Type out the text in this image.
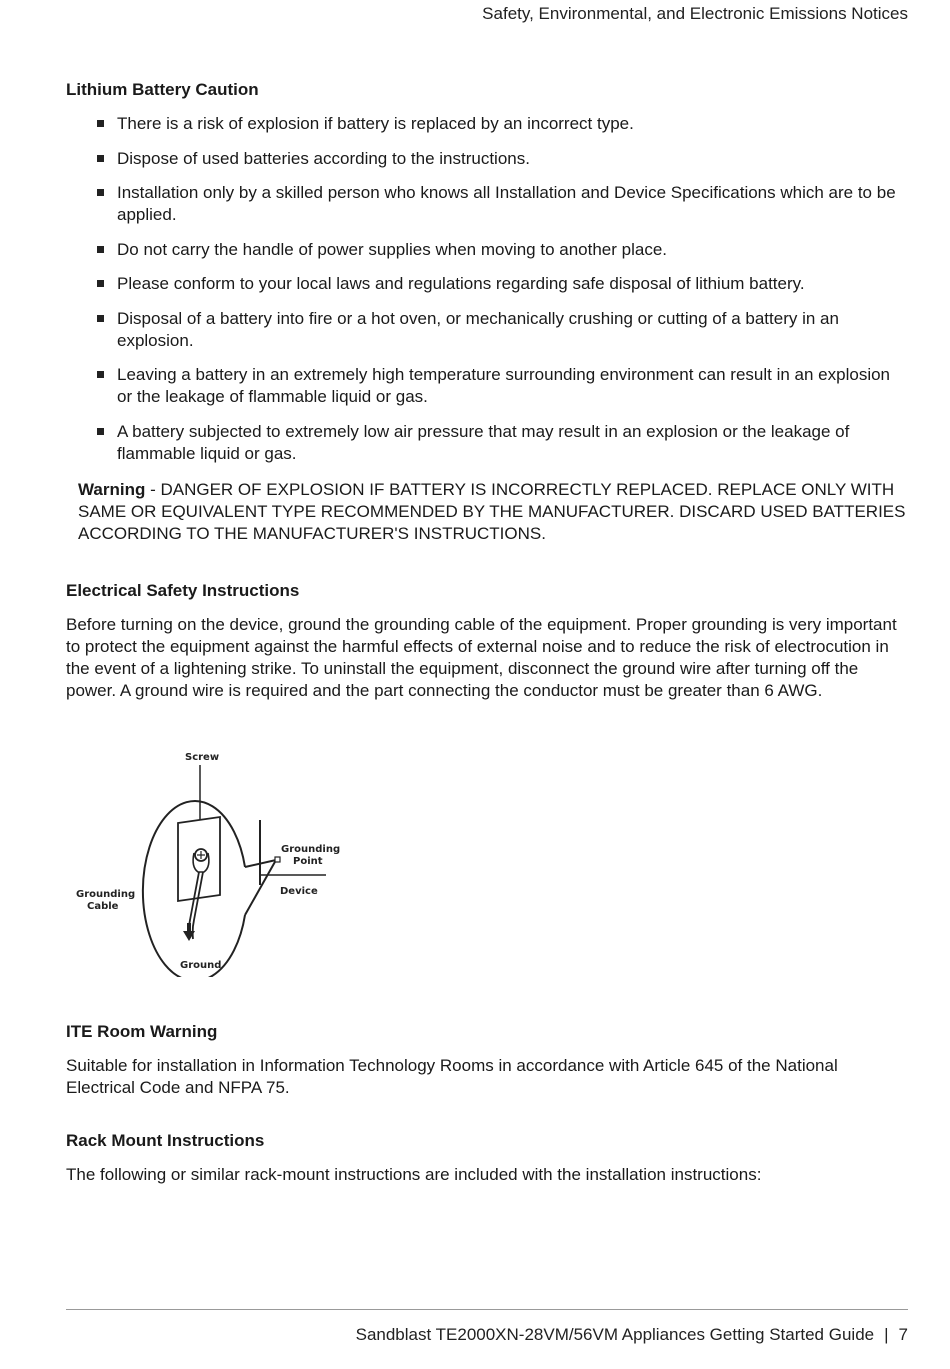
Safety, Environmental, and Electronic Emissions Notices
Lithium Battery Caution
There is a risk of explosion if battery is replaced by an incorrect type.
Dispose of used batteries according to the instructions.
Installation only by a skilled person who knows all Installation and Device Specifications which are to be applied.
Do not carry the handle of power supplies when moving to another place.
Please conform to your local laws and regulations regarding safe disposal of lithium battery.
Disposal of a battery into fire or a hot oven, or mechanically crushing or cutting of a battery in an explosion.
Leaving a battery in an extremely high temperature surrounding environment can result in an explosion or the leakage of flammable liquid or gas.
A battery subjected to extremely low air pressure that may result in an explosion or the leakage of flammable liquid or gas.
Warning - DANGER OF EXPLOSION IF BATTERY IS INCORRECTLY REPLACED. REPLACE ONLY WITH SAME OR EQUIVALENT TYPE RECOMMENDED BY THE MANUFACTURER. DISCARD USED BATTERIES ACCORDING TO THE MANUFACTURER'S INSTRUCTIONS.
Electrical Safety Instructions
Before turning on the device, ground the grounding cable of the equipment. Proper grounding is very important to protect the equipment against the harmful effects of external noise and to reduce the risk of electrocution in the event of a lightening strike. To uninstall the equipment, disconnect the ground wire after turning off the power. A ground wire is required and the part connecting the conductor must be greater than 6 AWG.
Screw
Grounding
Point
Device
Grounding
Cable
Ground
ITE Room Warning
Suitable for installation in Information Technology Rooms in accordance with Article 645 of the National Electrical Code and NFPA 75.
Rack Mount Instructions
The following or similar rack-mount instructions are included with the installation instructions:
Sandblast TE2000XN-28VM/56VM Appliances Getting Started Guide | 7
